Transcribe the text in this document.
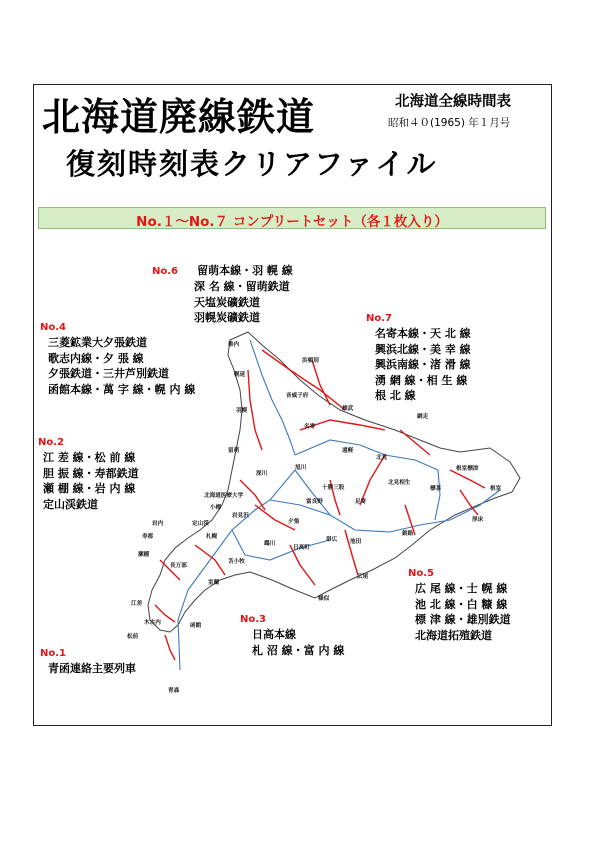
北海道廃線鉄道	北海道全線時間表
昭和４０(1965) 年１月号
復刻時刻表クリアファイル
No.１〜No.７ コンプリートセット（各１枚入り）
稚内
浜頓別
幌延
音威子府
羽幌	雄武
名寄
網走
留萌	遠軽
根室標津
深川
旭川
北見
北海道医療大学
十勝三股
北見相生
標茶	根室
小樽
岩見沢
富良野	足寄
岩内	定山渓	夕張	厚床
寿都	札幌	帯広
釧路
池田
瀬棚
鵡川
日高町
長万部
苫小牧
広尾
室蘭
江差
木古内
様似
函館
松前
青森
No.6 留萌本線・羽 幌 線
深 名 線・留萌鉄道
天塩炭礦鉄道
羽幌炭礦鉄道
No.4
三菱鉱業大夕張鉄道
歌志内線・夕 張 線
夕張鉄道・三井芦別鉄道
函館本線・萬 字 線・幌 内 線
No.7
名寄本線・天 北 線
興浜北線・美 幸 線
興浜南線・渚 滑 線
湧 網 線・相 生 線
根 北 線
No.2
江 差 線・松 前 線
胆 振 線・寿都鉄道
瀬 棚 線・岩 内 線
定山渓鉄道
No.5
広 尾 線・士 幌 線
池 北 線・白 糠 線
標 津 線・雄別鉄道
北海道拓殖鉄道
No.3
日高本線
札 沼 線・富 内 線
No.1
青函連絡主要列車
